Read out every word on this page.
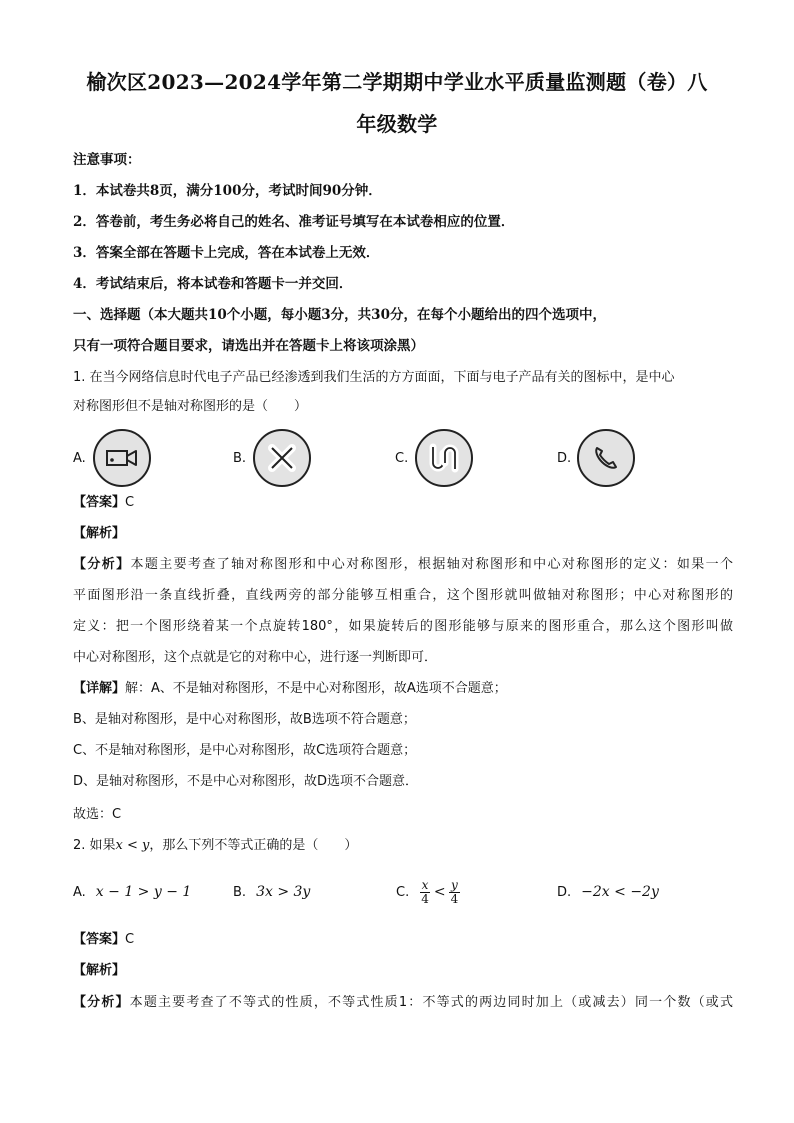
榆次区2023—2024学年第二学期期中学业水平质量监测题（卷）八
年级数学
注意事项：
1．本试卷共8页，满分100分，考试时间90分钟．
2．答卷前，考生务必将自己的姓名、准考证号填写在本试卷相应的位置．
3．答案全部在答题卡上完成，答在本试卷上无效．
4．考试结束后，将本试卷和答题卡一并交回．
一、选择题（本大题共10个小题，每小题3分，共30分，在每个小题给出的四个选项中，
只有一项符合题目要求，请选出并在答题卡上将该项涂黑）
1. 在当今网络信息时代电子产品已经渗透到我们生活的方方面面，下面与电子产品有关的图标中，是中心
对称图形但不是轴对称图形的是（　　）
A.	B.	C.	D.
【答案】C
【解析】
【分析】本题主要考查了轴对称图形和中心对称图形，根据轴对称图形和中心对称图形的定义：如果一个
平面图形沿一条直线折叠，直线两旁的部分能够互相重合，这个图形就叫做轴对称图形；中心对称图形的
定义：把一个图形绕着某一个点旋转180°，如果旋转后的图形能够与原来的图形重合，那么这个图形叫做
中心对称图形，这个点就是它的对称中心，进行逐一判断即可．
【详解】解：A、不是轴对称图形，不是中心对称图形，故A选项不合题意；
B、是轴对称图形，是中心对称图形，故B选项不符合题意；
C、不是轴对称图形，是中心对称图形，故C选项符合题意；
D、是轴对称图形，不是中心对称图形，故D选项不合题意．
故选：C
2. 如果x < y，那么下列不等式正确的是（　　）
A. x − 1 > y − 1	B. 3x > 3y	C. $\frac{x}{4} < \frac{y}{4}$	D. −2x < −2y
【答案】C
【解析】
【分析】本题主要考查了不等式的性质，不等式性质1：不等式的两边同时加上（或减去）同一个数（或式
